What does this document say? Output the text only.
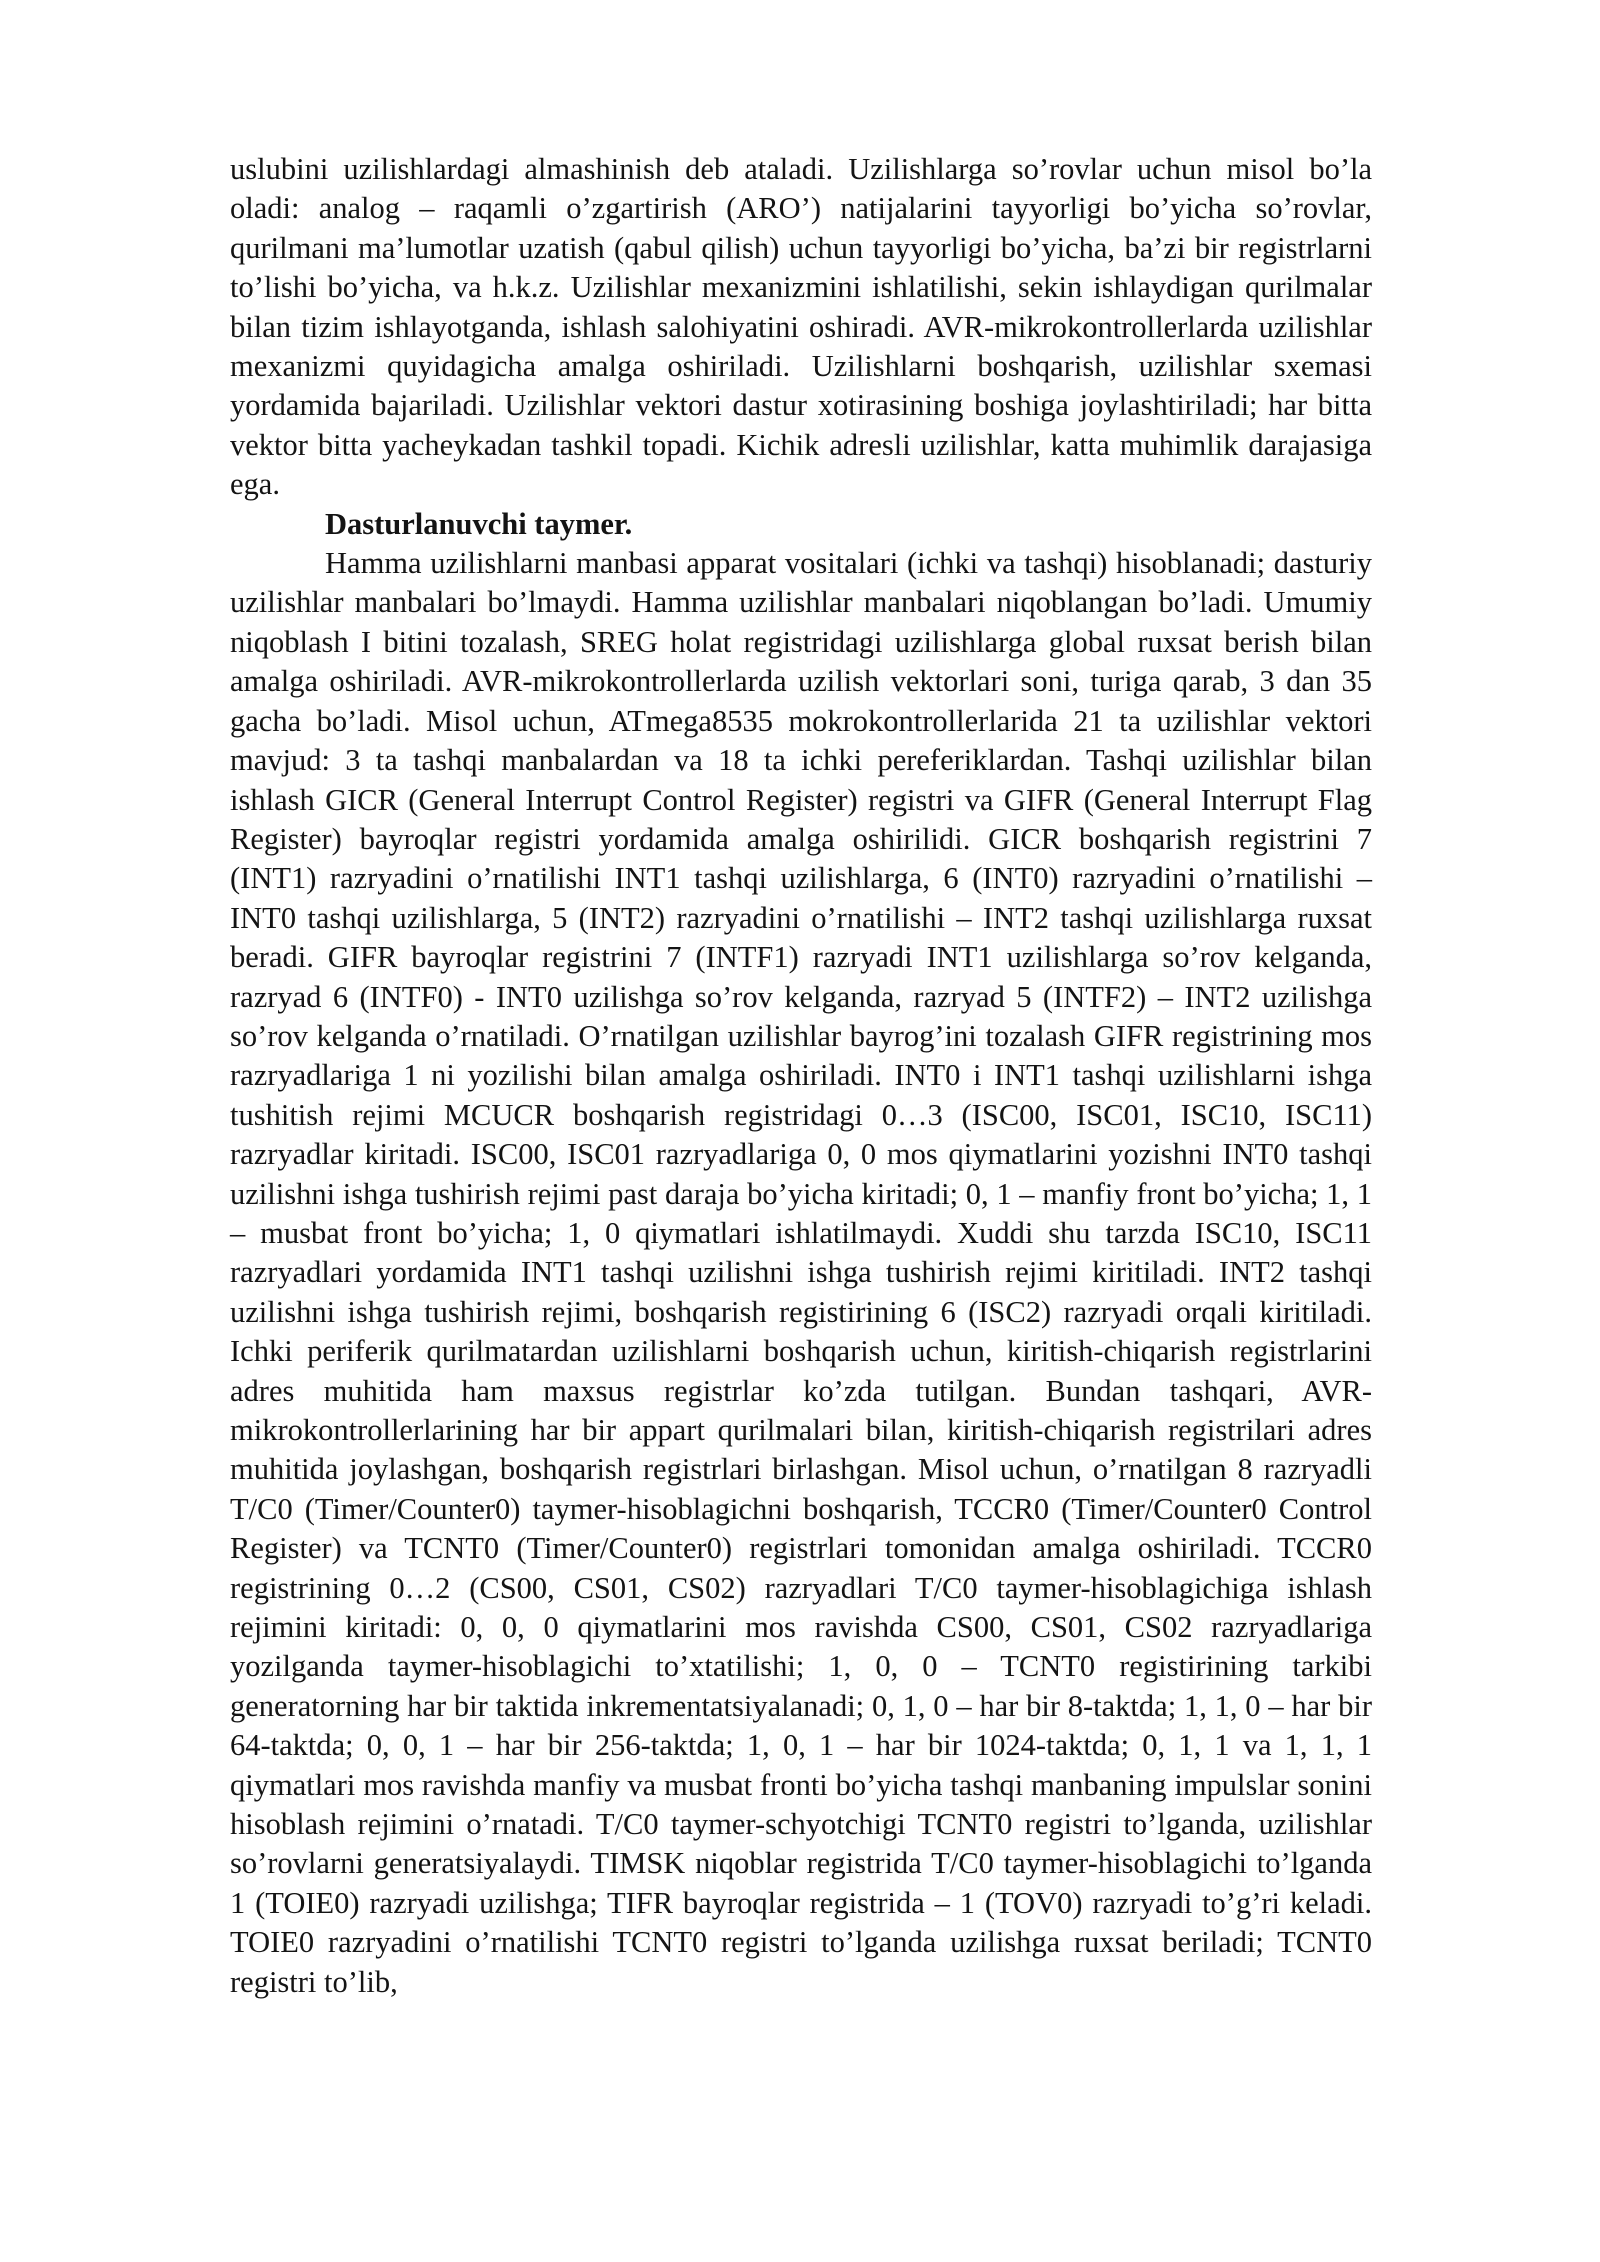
uslubini uzilishlardagi almashinish deb ataladi. Uzilishlarga so’rovlar uchun misol bo’la oladi: analog – raqamli o’zgartirish (ARO’) natijalarini tayyorligi bo’yicha so’rovlar, qurilmani ma’lumotlar uzatish (qabul qilish) uchun tayyorligi bo’yicha, ba’zi bir registrlarni to’lishi bo’yicha, va h.k.z. Uzilishlar mexanizmini ishlatilishi, sekin ishlaydigan qurilmalar bilan tizim ishlayotganda, ishlash salohiyatini oshiradi. AVR-mikrokontrollerlarda uzilishlar mexanizmi quyidagicha amalga oshiriladi. Uzilishlarni boshqarish, uzilishlar sxemasi yordamida bajariladi. Uzilishlar vektori dastur xotirasining boshiga joylashtiriladi; har bitta vektor bitta yacheykadan tashkil topadi. Kichik adresli uzilishlar, katta muhimlik darajasiga ega.

Dasturlanuvchi taymer.

Hamma uzilishlarni manbasi apparat vositalari (ichki va tashqi) hisoblanadi; dasturiy uzilishlar manbalari bo’lmaydi. Hamma uzilishlar manbalari niqoblangan bo’ladi. Umumiy niqoblash I bitini tozalash, SREG holat registridagi uzilishlarga global ruxsat berish bilan amalga oshiriladi. AVR-mikrokontrollerlarda uzilish vektorlari soni, turiga qarab, 3 dan 35 gacha bo’ladi. Misol uchun, ATmega8535 mokrokontrollerlarida 21 ta uzilishlar vektori mavjud: 3 ta tashqi manbalardan va 18 ta ichki pereferiklardan. Tashqi uzilishlar bilan ishlash GICR (General Interrupt Control Register) registri va GIFR (General Interrupt Flag Register) bayroqlar registri yordamida amalga oshirilidi. GICR boshqarish registrini 7 (INT1) razryadini o’rnatilishi INT1 tashqi uzilishlarga, 6 (INT0) razryadini o’rnatilishi – INT0 tashqi uzilishlarga, 5 (INT2) razryadini o’rnatilishi – INT2 tashqi uzilishlarga ruxsat beradi. GIFR bayroqlar registrini 7 (INTF1) razryadi INT1 uzilishlarga so’rov kelganda, razryad 6 (INTF0) - INT0 uzilishga so’rov kelganda, razryad 5 (INTF2) – INT2 uzilishga so’rov kelganda o’rnatiladi. O’rnatilgan uzilishlar bayrog’ini tozalash GIFR registrining mos razryadlariga 1 ni yozilishi bilan amalga oshiriladi. INT0 i INT1 tashqi uzilishlarni ishga tushitish rejimi MCUCR boshqarish registridagi 0…3 (ISC00, ISC01, ISC10, ISC11) razryadlar kiritadi. ISC00, ISC01 razryadlariga 0, 0 mos qiymatlarini yozishni INT0 tashqi uzilishni ishga tushirish rejimi past daraja bo’yicha kiritadi; 0, 1 – manfiy front bo’yicha; 1, 1 – musbat front bo’yicha; 1, 0 qiymatlari ishlatilmaydi. Xuddi shu tarzda ISC10, ISC11 razryadlari yordamida INT1 tashqi uzilishni ishga tushirish rejimi kiritiladi. INT2 tashqi uzilishni ishga tushirish rejimi, boshqarish registirining 6 (ISC2) razryadi orqali kiritiladi. Ichki periferik qurilmatardan uzilishlarni boshqarish uchun, kiritish-chiqarish registrlarini adres muhitida ham maxsus registrlar ko’zda tutilgan. Bundan tashqari, AVR-mikrokontrollerlarining har bir appart qurilmalari bilan, kiritish-chiqarish registrilari adres muhitida joylashgan, boshqarish registrlari birlashgan. Misol uchun, o’rnatilgan 8 razryadli T/C0 (Timer/Counter0) taymer-hisoblagichni boshqarish, TCCR0 (Timer/Counter0 Control Register) va TCNT0 (Timer/Counter0) registrlari tomonidan amalga oshiriladi. TCCR0 registrining 0…2 (CS00, CS01, CS02) razryadlari T/C0 taymer-hisoblagichiga ishlash rejimini kiritadi: 0, 0, 0 qiymatlarini mos ravishda CS00, CS01, CS02 razryadlariga yozilganda taymer-hisoblagichi to’xtatilishi; 1, 0, 0 – TCNT0 registirining tarkibi generatorning har bir taktida inkrementatsiyalanadi; 0, 1, 0 – har bir 8-taktda; 1, 1, 0 – har bir 64-taktda; 0, 0, 1 – har bir 256-taktda; 1, 0, 1 – har bir 1024-taktda; 0, 1, 1 va 1, 1, 1 qiymatlari mos ravishda manfiy va musbat fronti bo’yicha tashqi manbaning impulslar sonini hisoblash rejimini o’rnatadi. T/C0 taymer-schyotchigi TCNT0 registri to’lganda, uzilishlar so’rovlarni generatsiyalaydi. TIMSK niqoblar registrida T/C0 taymer-hisoblagichi to’lganda 1 (TOIE0) razryadi uzilishga; TIFR bayroqlar registrida – 1 (TOV0) razryadi to’g’ri keladi. TOIE0 razryadini o’rnatilishi TCNT0 registri to’lganda uzilishga ruxsat beriladi; TCNT0 registri to’lib,
